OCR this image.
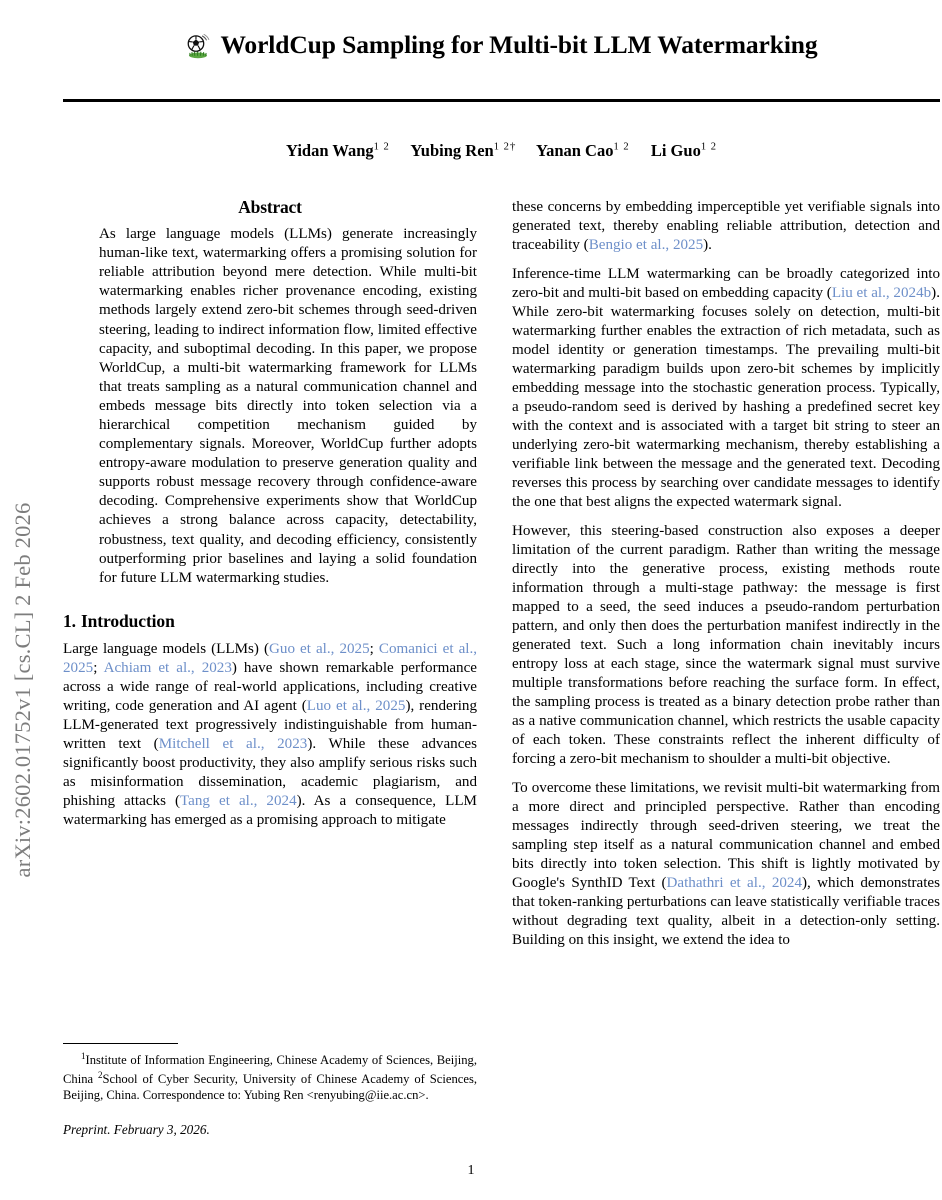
arXiv:2602.01752v1 [cs.CL] 2 Feb 2026
WorldCup Sampling for Multi-bit LLM Watermarking
Yidan Wang$^{1 2}$ Yubing Ren$^{1 2\dagger}$ Yanan Cao$^{1 2}$ Li Guo$^{1 2}$
Abstract
As large language models (LLMs) generate increasingly human-like text, watermarking offers a promising solution for reliable attribution beyond mere detection. While multi-bit watermarking enables richer provenance encoding, existing methods largely extend zero-bit schemes through seed-driven steering, leading to indirect information flow, limited effective capacity, and suboptimal decoding. In this paper, we propose WorldCup, a multi-bit watermarking framework for LLMs that treats sampling as a natural communication channel and embeds message bits directly into token selection via a hierarchical competition mechanism guided by complementary signals. Moreover, WorldCup further adopts entropy-aware modulation to preserve generation quality and supports robust message recovery through confidence-aware decoding. Comprehensive experiments show that WorldCup achieves a strong balance across capacity, detectability, robustness, text quality, and decoding efficiency, consistently outperforming prior baselines and laying a solid foundation for future LLM watermarking studies.
1. Introduction

Large language models (LLMs) (Guo et al., 2025; Comanici et al., 2025; Achiam et al., 2023) have shown remarkable performance across a wide range of real-world applications, including creative writing, code generation and AI agent (Luo et al., 2025), rendering LLM-generated text progressively indistinguishable from human-written text (Mitchell et al., 2023). While these advances significantly boost productivity, they also amplify serious risks such as misinformation dissemination, academic plagiarism, and phishing attacks (Tang et al., 2024). As a consequence, LLM watermarking has emerged as a promising approach to mitigate

these concerns by embedding imperceptible yet verifiable signals into generated text, thereby enabling reliable attribution, detection and traceability (Bengio et al., 2025).

Inference-time LLM watermarking can be broadly categorized into zero-bit and multi-bit based on embedding capacity (Liu et al., 2024b). While zero-bit watermarking focuses solely on detection, multi-bit watermarking further enables the extraction of rich metadata, such as model identity or generation timestamps. The prevailing multi-bit watermarking paradigm builds upon zero-bit schemes by implicitly embedding message into the stochastic generation process. Typically, a pseudo-random seed is derived by hashing a predefined secret key with the context and is associated with a target bit string to steer an underlying zero-bit watermarking mechanism, thereby establishing a verifiable link between the message and the generated text. Decoding reverses this process by searching over candidate messages to identify the one that best aligns the expected watermark signal.

However, this steering-based construction also exposes a deeper limitation of the current paradigm. Rather than writing the message directly into the generative process, existing methods route information through a multi-stage pathway: the message is first mapped to a seed, the seed induces a pseudo-random perturbation pattern, and only then does the perturbation manifest indirectly in the generated text. Such a long information chain inevitably incurs entropy loss at each stage, since the watermark signal must survive multiple transformations before reaching the surface form. In effect, the sampling process is treated as a binary detection probe rather than as a native communication channel, which restricts the usable capacity of each token. These constraints reflect the inherent difficulty of forcing a zero-bit mechanism to shoulder a multi-bit objective.

To overcome these limitations, we revisit multi-bit watermarking from a more direct and principled perspective. Rather than encoding messages indirectly through seed-driven steering, we treat the sampling step itself as a natural communication channel and embed bits directly into token selection. This shift is lightly motivated by Google's SynthID Text (Dathathri et al., 2024), which demonstrates that token-ranking perturbations can leave statistically verifiable traces without degrading text quality, albeit in a detection-only setting. Building on this insight, we extend the idea to

$^1$Institute of Information Engineering, Chinese Academy of Sciences, Beijing, China $^2$School of Cyber Security, University of Chinese Academy of Sciences, Beijing, China. Correspondence to: Yubing Ren <renyubing@iie.ac.cn>.
Preprint. February 3, 2026.
1
